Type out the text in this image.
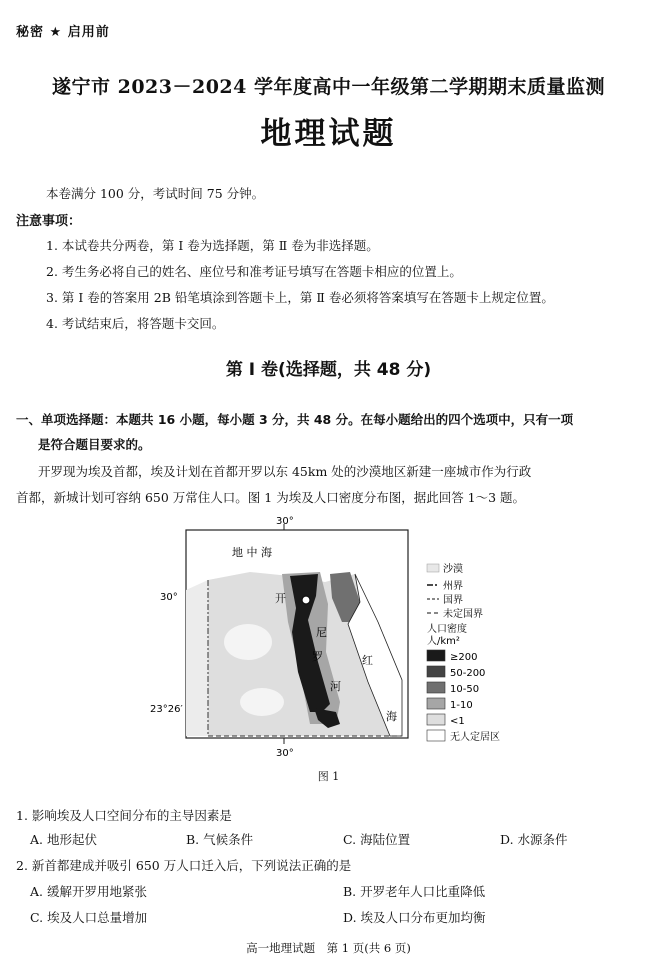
秘密 ★ 启用前
遂宁市 2023－2024 学年度高中一年级第二学期期末质量监测
地理试题
本卷满分 100 分，考试时间 75 分钟。
注意事项：
1. 本试卷共分两卷，第 Ⅰ 卷为选择题，第 Ⅱ 卷为非选择题。
2. 考生务必将自己的姓名、座位号和准考证号填写在答题卡相应的位置上。
3. 第 Ⅰ 卷的答案用 2B 铅笔填涂到答题卡上，第 Ⅱ 卷必须将答案填写在答题卡上规定位置。
4. 考试结束后，将答题卡交回。
第 Ⅰ 卷(选择题，共 48 分)
一、单项选择题：本题共 16 小题，每小题 3 分，共 48 分。在每小题给出的四个选项中，只有一项
是符合题目要求的。
开罗现为埃及首都，埃及计划在首都开罗以东 45km 处的沙漠地区新建一座城市作为行政
首都，新城计划可容纳 650 万常住人口。图 1 为埃及人口密度分布图，据此回答 1～3 题。
30°
30°
30°
23°26′
地 中 海
开
尼
罗
河
红
海
沙漠
州界
国界
未定国界
人口密度
人/km²
≥200
50-200
10-50
1-10
<1
无人定居区
图 1
1. 影响埃及人口空间分布的主导因素是
A. 地形起伏	B. 气候条件	C. 海陆位置	D. 水源条件
2. 新首都建成并吸引 650 万人口迁入后，下列说法正确的是
A. 缓解开罗用地紧张	B. 开罗老年人口比重降低
C. 埃及人口总量增加	D. 埃及人口分布更加均衡
高一地理试题　第 1 页(共 6 页)
